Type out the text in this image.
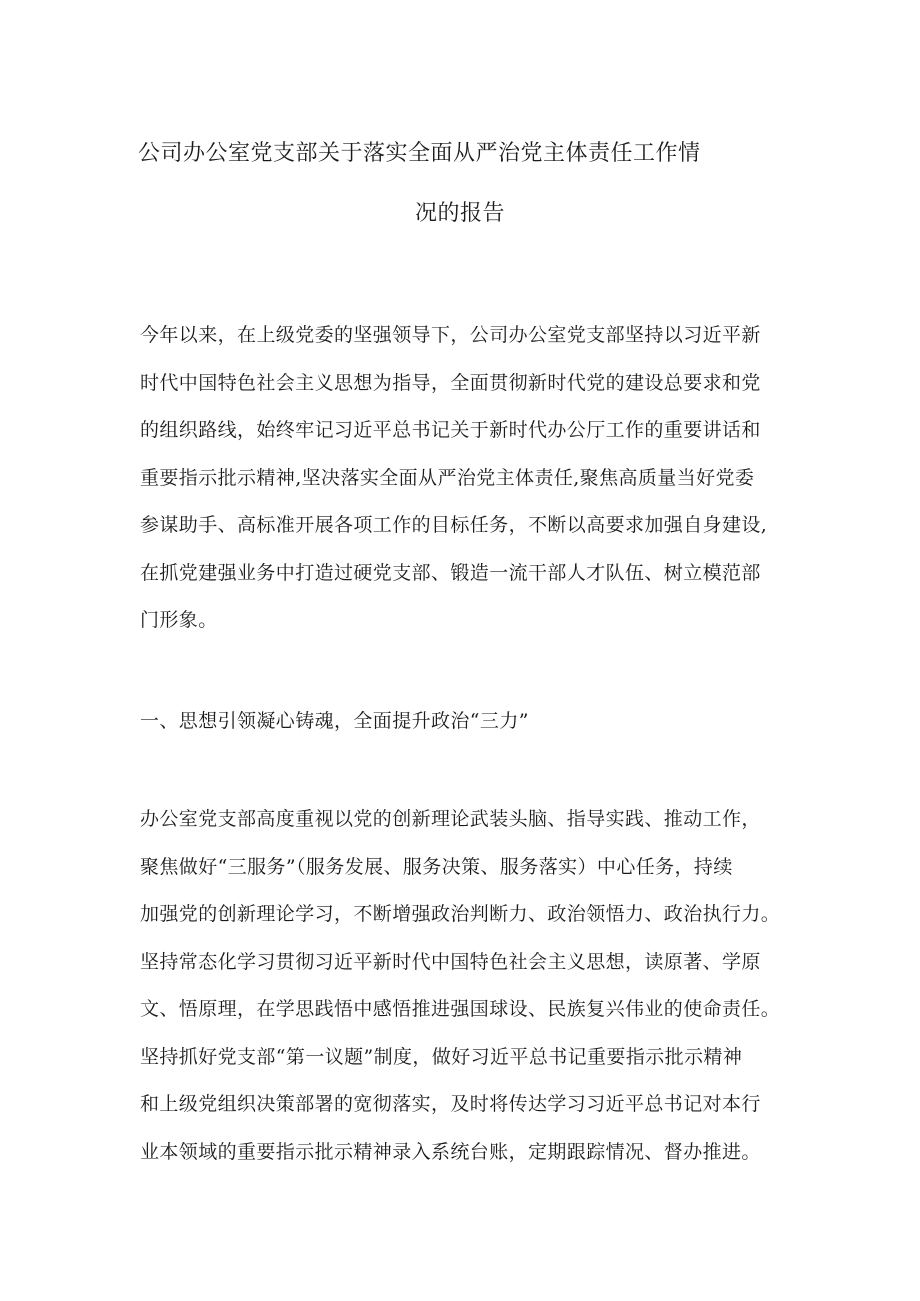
公司办公室党支部关于落实全面从严治党主体责任工作情
况的报告

今年以来，在上级党委的坚强领导下，公司办公室党支部坚持以习近平新
时代中国特色社会主义思想为指导，全面贯彻新时代党的建设总要求和党
的组织路线，始终牢记习近平总书记关于新时代办公厅工作的重要讲话和
重要指示批示精神,坚决落实全面从严治党主体责任,聚焦高质量当好党委
参谋助手、高标准开展各项工作的目标任务，不断以高要求加强自身建设,
在抓党建强业务中打造过硬党支部、锻造一流干部人才队伍、树立模范部
门形象。

一、思想引领凝心铸魂，全面提升政治“三力”

办公室党支部高度重视以党的创新理论武装头脑、指导实践、推动工作，
聚焦做好“三服务”（服务发展、服务决策、服务落实）中心任务，持续
加强党的创新理论学习，不断增强政治判断力、政治领悟力、政治执行力。
坚持常态化学习贯彻习近平新时代中国特色社会主义思想，读原著、学原
文、悟原理，在学思践悟中感悟推进强国球设、民族复兴伟业的使命责任。
坚持抓好党支部“第一议题”制度，做好习近平总书记重要指示批示精神
和上级党组织决策部署的宽彻落实，及时将传达学习习近平总书记对本行
业本领域的重要指示批示精神录入系统台账，定期跟踪情况、督办推进。
